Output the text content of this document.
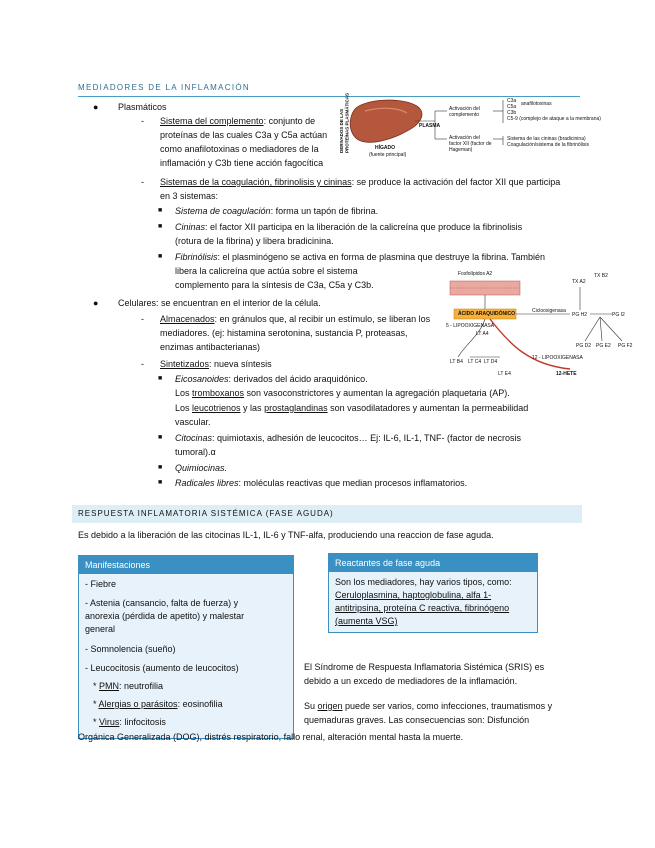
MEDIADORES DE LA INFLAMACIÓN
● Plasmáticos
- Sistema del complemento: conjunto de
proteínas de las cuales C3a y C5a actúan
como anafilotoxinas o mediadores de la
inflamación y C3b tiene acción fagocítica
- Sistemas de la coagulación, fibrinolisis y cininas: se produce la activación del factor XII que participa
en 3 sistemas:
■ Sistema de coagulación: forma un tapón de fibrina.
■ Cininas: el factor XII participa en la liberación de la calicreína que produce la fibrinolisis
(rotura de la fibrina) y libera bradicinina.
■ Fibrinólisis: el plasminógeno se activa en forma de plasmina que destruye la fibrina. También
libera la calicreína que actúa sobre el sistema
complemento para la síntesis de C3a, C5a y C3b.
● Celulares: se encuentran en el interior de la célula.
- Almacenados: en gránulos que, al recibir un estímulo, se liberan los
mediadores. (ej: histamina serotonina, sustancia P, proteasas,
enzimas antibacterianas)
- Sintetizados: nueva síntesis
■ Eicosanoides: derivados del ácido araquidónico.
Los tromboxanos son vasoconstrictores y aumentan la agregación plaquetaria (AP).
Los leucotrienos y las prostaglandinas son vasodilatadores y aumentan la permeabilidad
vascular.
■ Citocinas: quimiotaxis, adhesión de leucocitos… Ej: IL-6, IL-1, TNF- (factor de necrosis
tumoral).α
■ Quimiocinas.
■ Radicales libres: moléculas reactivas que median procesos inflamatorios.
DERIVADOS DE LAS PROTEÍNAS PLASMÁTICAS	HÍGADO
(fuente principal)
PLASMA
Activación del complemento
Activación del factor XII (factor de Hageman)
C3a
C5a
C3b
C5-9 (complejo de ataque a la membrana)
anafilotoxinas
Sistema de las cininas (bradicinina)
Coagulación/sistema de la fibrinólisis
Fosfolípidos A2
ÁCIDO ARAQUIDÓNICO	Ciclooxigenasa
5 - LIPOOXIGENASA
12 - LIPOOXIGENASA
12-HETE
TX A2
TX B2
PG H2	PG I2
PG D2 PG E2 PG F2
LT A4
LT B4 LT C4 LT D4
LT E4
RESPUESTA INFLAMATORIA SISTÉMICA (FASE AGUDA)
Es debido a la liberación de las citocinas IL-1, IL-6 y TNF-alfa, produciendo una reaccion de fase aguda.
Manifestaciones
- Fiebre
- Astenia (cansancio, falta de fuerza) y
anorexia (pérdida de apetito) y malestar
general
- Somnolencia (sueño)
- Leucocitosis (aumento de leucocitos)
* PMN: neutrofilia
* Alergias o parásitos: eosinofilia
* Virus: linfocitosis
Reactantes de fase aguda
Son los mediadores, hay varios tipos, como:
Ceruloplasmina, haptoglobulina, alfa 1-
antitripsina, proteína C reactiva, fibrinógeno
(aumenta VSG)
El Síndrome de Respuesta Inflamatoria Sistémica (SRIS) es
debido a un excedo de mediadores de la inflamación.
Su origen puede ser varios, como infecciones, traumatismos y
quemaduras graves. Las consecuencias son: Disfunción
Orgánica Generalizada (DOG), distrés respiratorio, fallo renal, alteración mental hasta la muerte.
